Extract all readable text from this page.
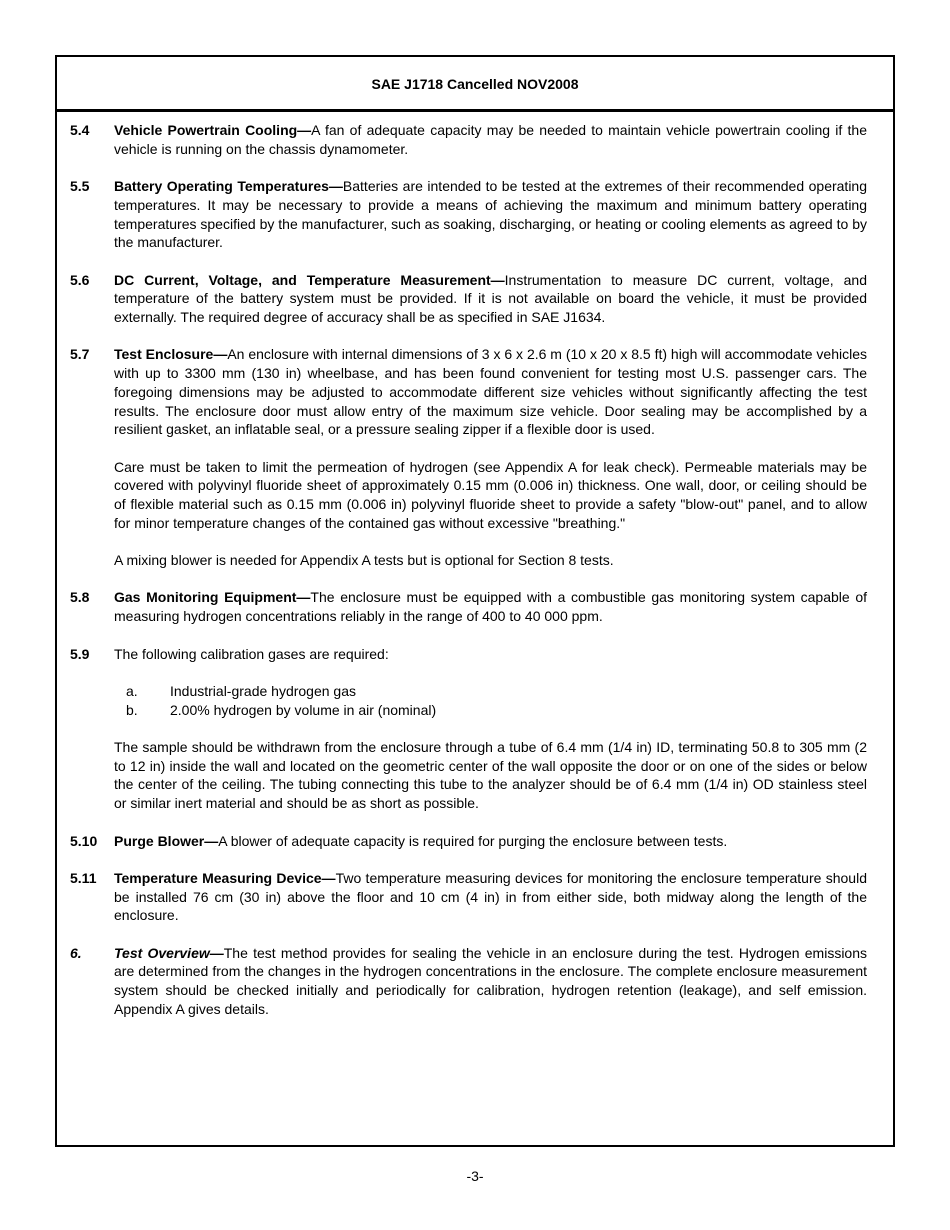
SAE J1718 Cancelled NOV2008
5.4	Vehicle Powertrain Cooling—A fan of adequate capacity may be needed to maintain vehicle powertrain cooling if the vehicle is running on the chassis dynamometer.

5.5	Battery Operating Temperatures—Batteries are intended to be tested at the extremes of their recommended operating temperatures. It may be necessary to provide a means of achieving the maximum and minimum battery operating temperatures specified by the manufacturer, such as soaking, discharging, or heating or cooling elements as agreed to by the manufacturer.

5.6	DC Current, Voltage, and Temperature Measurement—Instrumentation to measure DC current, voltage, and temperature of the battery system must be provided. If it is not available on board the vehicle, it must be provided externally. The required degree of accuracy shall be as specified in SAE J1634.

5.7	Test Enclosure—An enclosure with internal dimensions of 3 x 6 x 2.6 m (10 x 20 x 8.5 ft) high will accommodate vehicles with up to 3300 mm (130 in) wheelbase, and has been found convenient for testing most U.S. passenger cars. The foregoing dimensions may be adjusted to accommodate different size vehicles without significantly affecting the test results. The enclosure door must allow entry of the maximum size vehicle. Door sealing may be accomplished by a resilient gasket, an inflatable seal, or a pressure sealing zipper if a flexible door is used.

Care must be taken to limit the permeation of hydrogen (see Appendix A for leak check). Permeable materials may be covered with polyvinyl fluoride sheet of approximately 0.15 mm (0.006 in) thickness. One wall, door, or ceiling should be of flexible material such as 0.15 mm (0.006 in) polyvinyl fluoride sheet to provide a safety "blow-out" panel, and to allow for minor temperature changes of the contained gas without excessive "breathing."

A mixing blower is needed for Appendix A tests but is optional for Section 8 tests.

5.8	Gas Monitoring Equipment—The enclosure must be equipped with a combustible gas monitoring system capable of measuring hydrogen concentrations reliably in the range of 400 to 40 000 ppm.

5.9	The following calibration gases are required:

a.	Industrial-grade hydrogen gas
b.	2.00% hydrogen by volume in air (nominal)

The sample should be withdrawn from the enclosure through a tube of 6.4 mm (1/4 in) ID, terminating 50.8 to 305 mm (2 to 12 in) inside the wall and located on the geometric center of the wall opposite the door or on one of the sides or below the center of the ceiling. The tubing connecting this tube to the analyzer should be of 6.4 mm (1/4 in) OD stainless steel or similar inert material and should be as short as possible.

5.10	Purge Blower—A blower of adequate capacity is required for purging the enclosure between tests.

5.11	Temperature Measuring Device—Two temperature measuring devices for monitoring the enclosure temperature should be installed 76 cm (30 in) above the floor and 10 cm (4 in) in from either side, both midway along the length of the enclosure.

6.	Test Overview—The test method provides for sealing the vehicle in an enclosure during the test. Hydrogen emissions are determined from the changes in the hydrogen concentrations in the enclosure. The complete enclosure measurement system should be checked initially and periodically for calibration, hydrogen retention (leakage), and self emission. Appendix A gives details.

-3-
